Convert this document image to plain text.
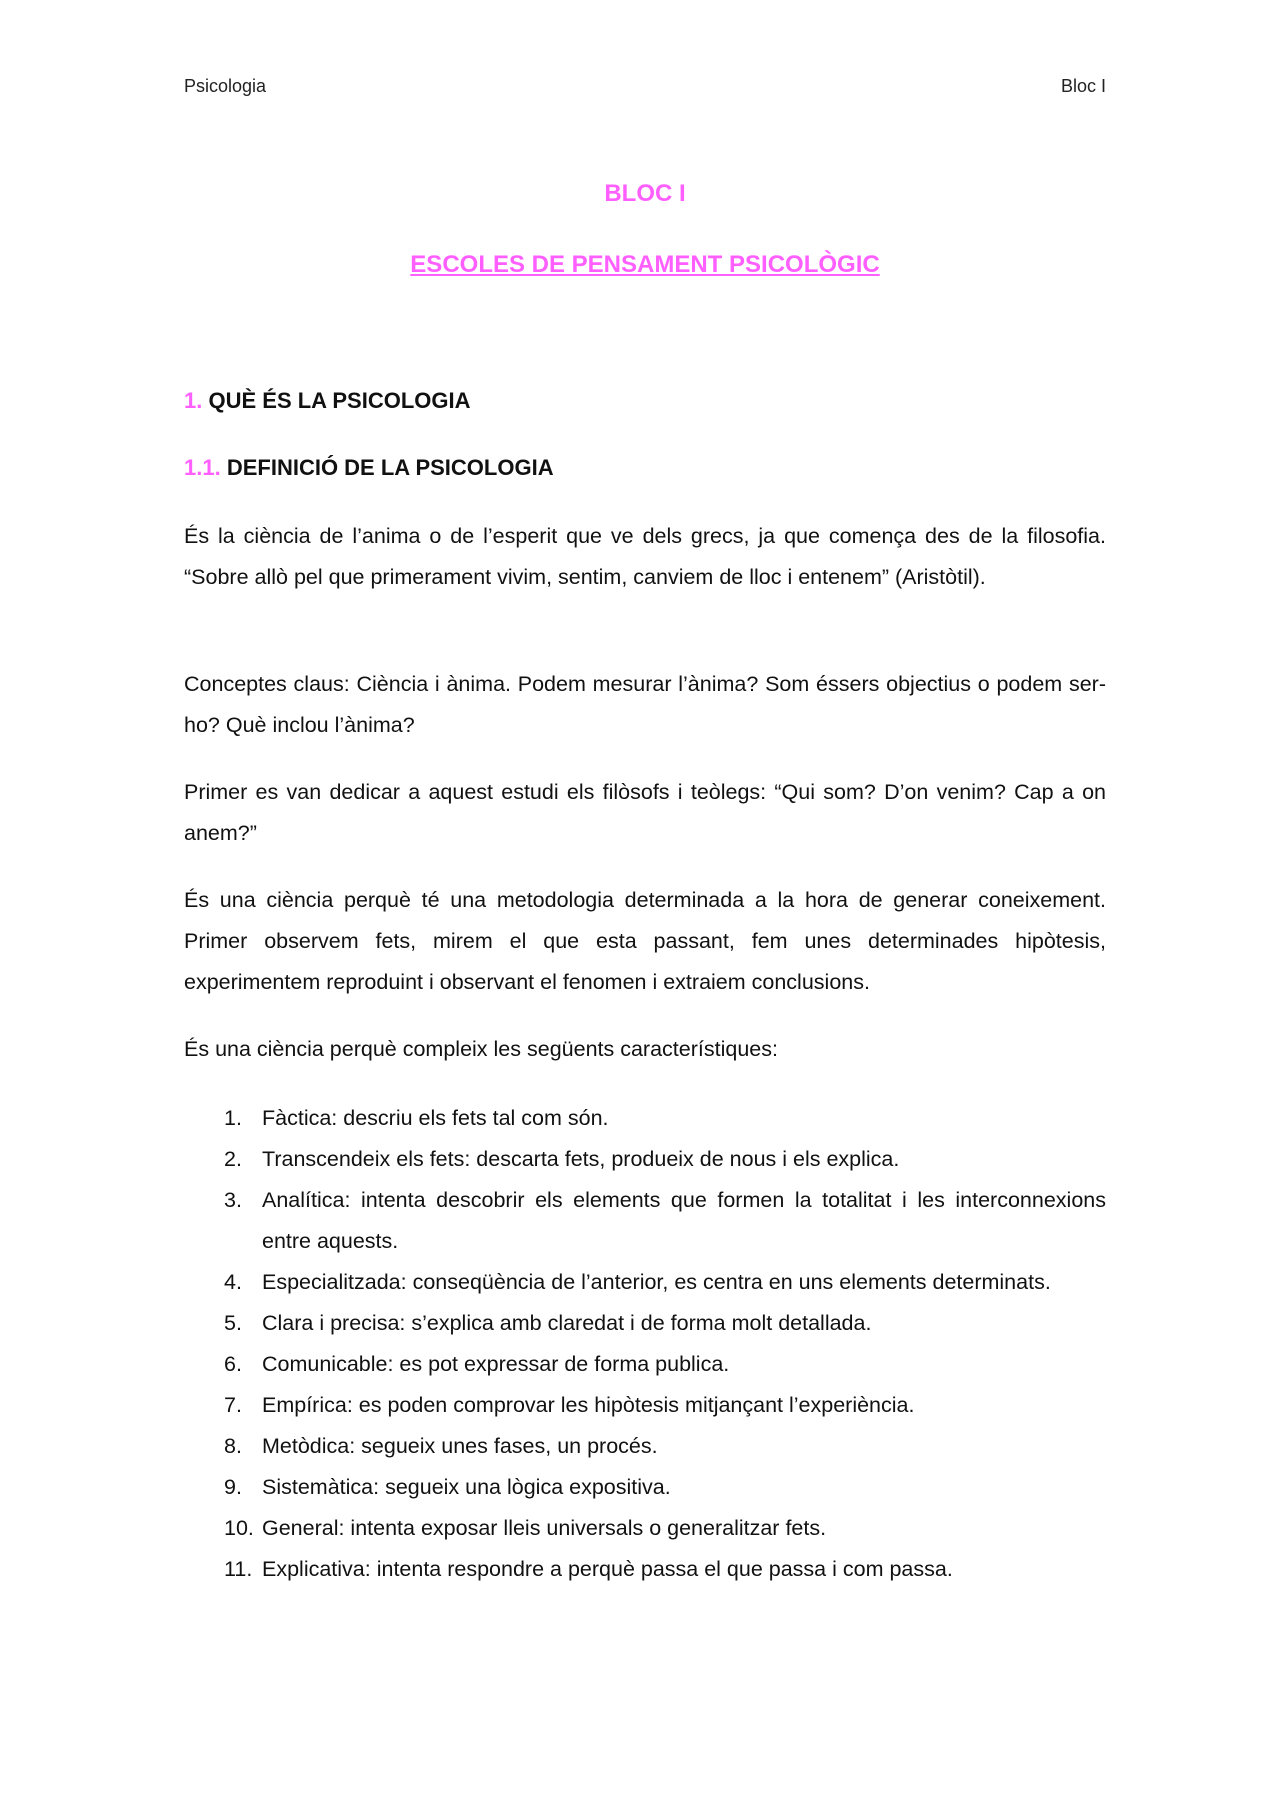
Psicologia	Bloc I
BLOC I
ESCOLES DE PENSAMENT PSICOLÒGIC
1. QUÈ ÉS LA PSICOLOGIA
1.1. DEFINICIÓ DE LA PSICOLOGIA

És la ciència de l’anima o de l’esperit que ve dels grecs, ja que comença des de la filosofia. “Sobre allò pel que primerament vivim, sentim, canviem de lloc i entenem” (Aristòtil).

Conceptes claus: Ciència i ànima. Podem mesurar l’ànima? Som éssers objectius o podem ser-ho? Què inclou l’ànima?

Primer es van dedicar a aquest estudi els filòsofs i teòlegs: “Qui som? D’on venim? Cap a on anem?”

És una ciència perquè té una metodologia determinada a la hora de generar coneixement. Primer observem fets, mirem el que esta passant, fem unes determinades hipòtesis, experimentem reproduint i observant el fenomen i extraiem conclusions.

És una ciència perquè compleix les següents característiques:

1. Fàctica: descriu els fets tal com són.
2. Transcendeix els fets: descarta fets, produeix de nous i els explica.
3. Analítica: intenta descobrir els elements que formen la totalitat i les interconnexions entre aquests.
4. Especialitzada: conseqüència de l’anterior, es centra en uns elements determinats.
5. Clara i precisa: s’explica amb claredat i de forma molt detallada.
6. Comunicable: es pot expressar de forma publica.
7. Empírica: es poden comprovar les hipòtesis mitjançant l’experiència.
8. Metòdica: segueix unes fases, un procés.
9. Sistemàtica: segueix una lògica expositiva.
10. General: intenta exposar lleis universals o generalitzar fets.
11. Explicativa: intenta respondre a perquè passa el que passa i com passa.
